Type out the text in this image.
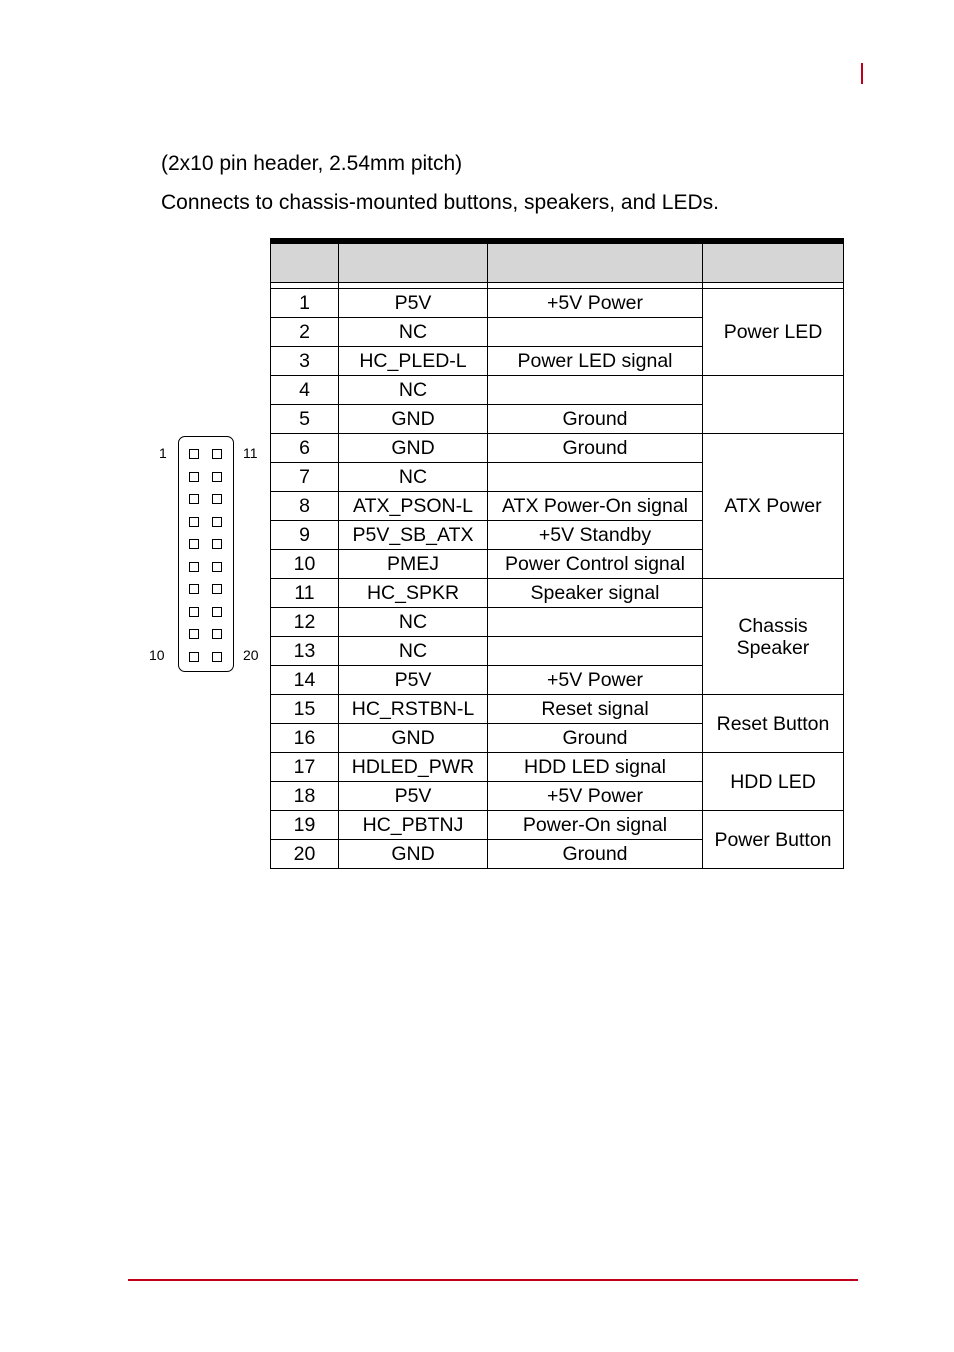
(2x10 pin header, 2.54mm pitch)
Connects to chassis-mounted buttons, speakers, and LEDs.
1	11
10	20

1	P5V	+5V Power	Power LED
2	NC		
3	HC_PLED-L	Power LED signal	
4	NC		
5	GND	Ground	
6	GND	Ground	ATX Power
7	NC		
8	ATX_PSON-L	ATX Power-On signal	
9	P5V_SB_ATX	+5V Standby	
10	PMEJ	Power Control signal	
11	HC_SPKR	Speaker signal	Chassis
Speaker
12	NC		
13	NC		
14	P5V	+5V Power	
15	HC_RSTBN-L	Reset signal	Reset Button
16	GND	Ground	
17	HDLED_PWR	HDD LED signal	HDD LED
18	P5V	+5V Power	
19	HC_PBTNJ	Power-On signal	Power Button
20	GND	Ground	
